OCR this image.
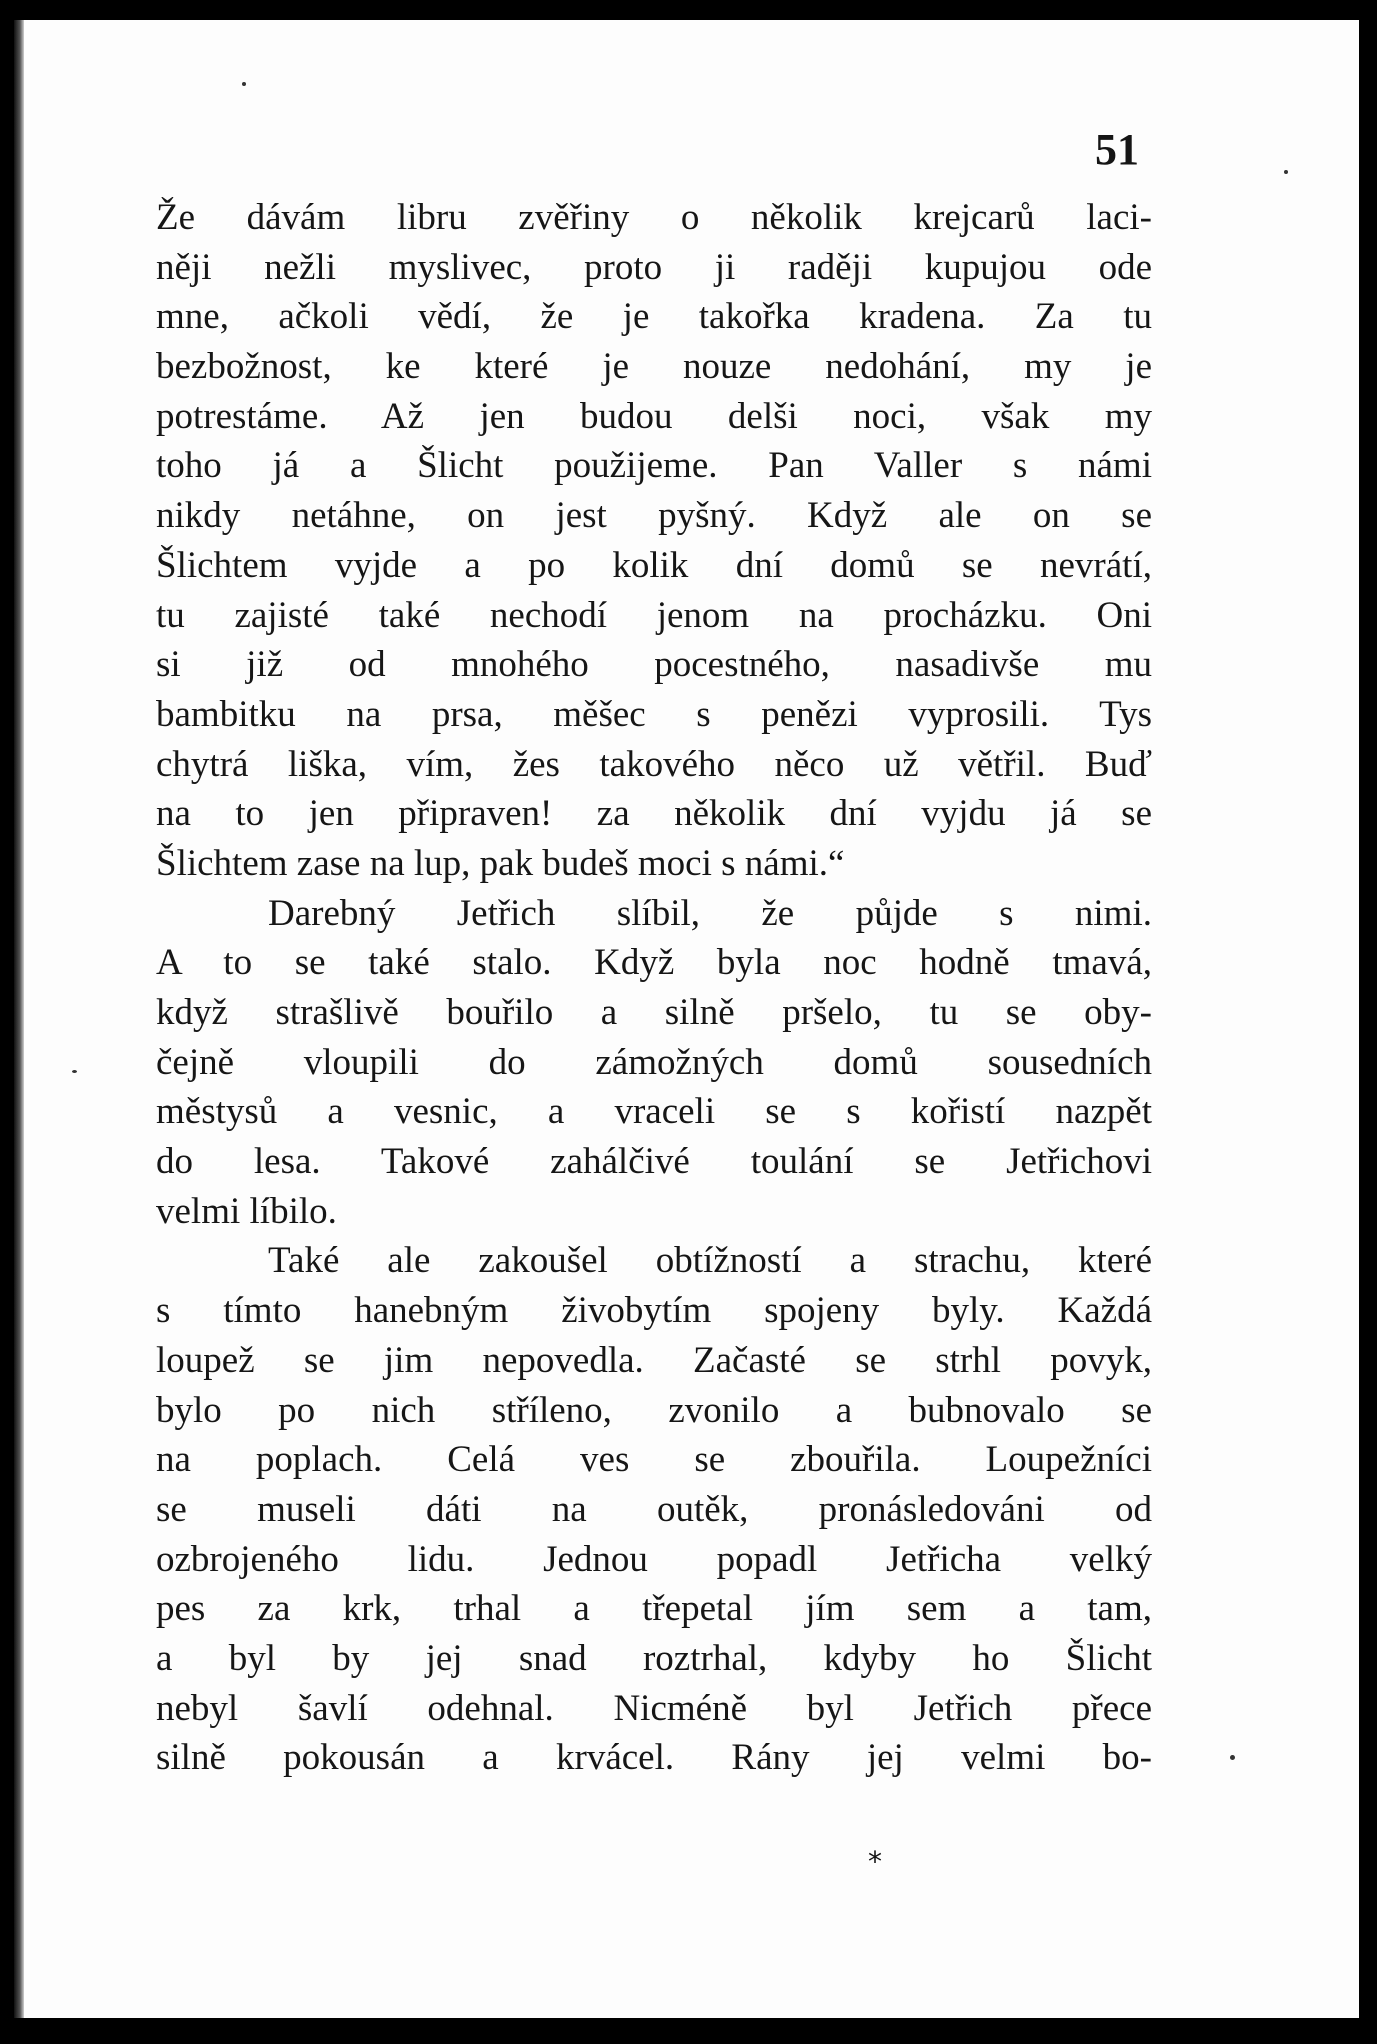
51
Že dávám libru zvěřiny o několik krejcarů laci-
něji nežli myslivec, proto ji raději kupujou ode
mne, ačkoli vědí, že je takořka kradena. Za tu
bezbožnost, ke které je nouze nedohání, my je
potrestáme. Až jen budou delši noci, však my
toho já a Šlicht použijeme. Pan Valler s námi
nikdy netáhne, on jest pyšný. Když ale on se
Šlichtem vyjde a po kolik dní domů se nevrátí,
tu zajisté také nechodí jenom na procházku. Oni
si již od mnohého pocestného, nasadivše mu
bambitku na prsa, měšec s penězi vyprosili. Tys
chytrá liška, vím, žes takového něco už větřil. Buď
na to jen připraven! za několik dní vyjdu já se
Šlichtem zase na lup, pak budeš moci s námi.“
Darebný Jetřich slíbil, že půjde s nimi.
A to se také stalo. Když byla noc hodně tmavá,
když strašlivě bouřilo a silně pršelo, tu se oby-
čejně vloupili do zámožných domů sousedních
městysů a vesnic, a vraceli se s kořistí nazpět
do lesa. Takové zahálčivé toulání se Jetřichovi
velmi líbilo.
Také ale zakoušel obtížností a strachu, které
s tímto hanebným živobytím spojeny byly. Každá
loupež se jim nepovedla. Začasté se strhl povyk,
bylo po nich stříleno, zvonilo a bubnovalo se
na poplach. Celá ves se zbouřila. Loupežníci
se museli dáti na outěk, pronásledováni od
ozbrojeného lidu. Jednou popadl Jetřicha velký
pes za krk, trhal a třepetal jím sem a tam,
a byl by jej snad roztrhal, kdyby ho Šlicht
nebyl šavlí odehnal. Nicméně byl Jetřich přece
silně pokousán a krvácel. Rány jej velmi bo-
*
